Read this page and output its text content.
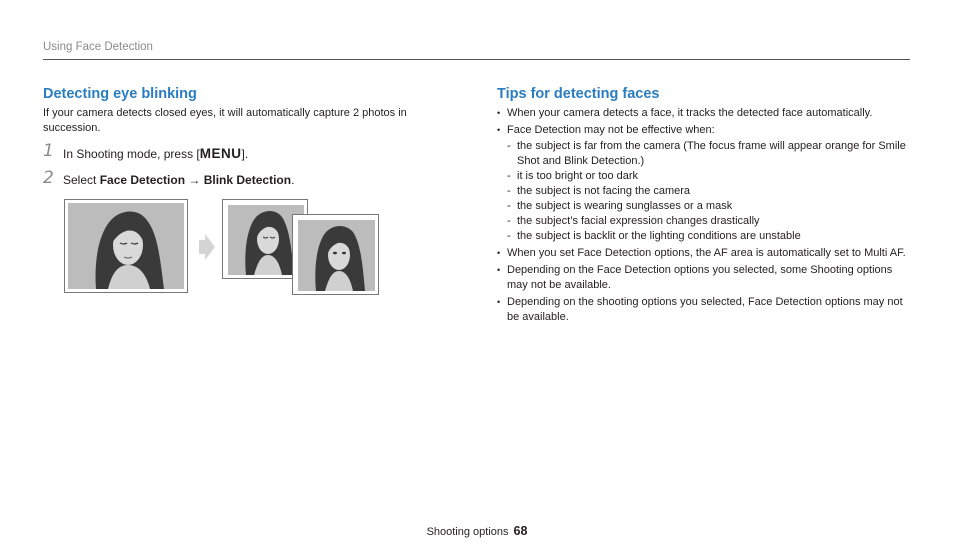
Using Face Detection
Detecting eye blinking
If your camera detects closed eyes, it will automatically capture 2 photos in succession.
1 In Shooting mode, press [MENU].
2 Select Face Detection → Blink Detection.
Tips for detecting faces
• When your camera detects a face, it tracks the detected face automatically.
• Face Detection may not be effective when:
- the subject is far from the camera (The focus frame will appear orange for Smile Shot and Blink Detection.)
- it is too bright or too dark
- the subject is not facing the camera
- the subject is wearing sunglasses or a mask
- the subject’s facial expression changes drastically
- the subject is backlit or the lighting conditions are unstable
• When you set Face Detection options, the AF area is automatically set to Multi AF.
• Depending on the Face Detection options you selected, some Shooting options may not be available.
• Depending on the shooting options you selected, Face Detection options may not be available.
Shooting options 68
